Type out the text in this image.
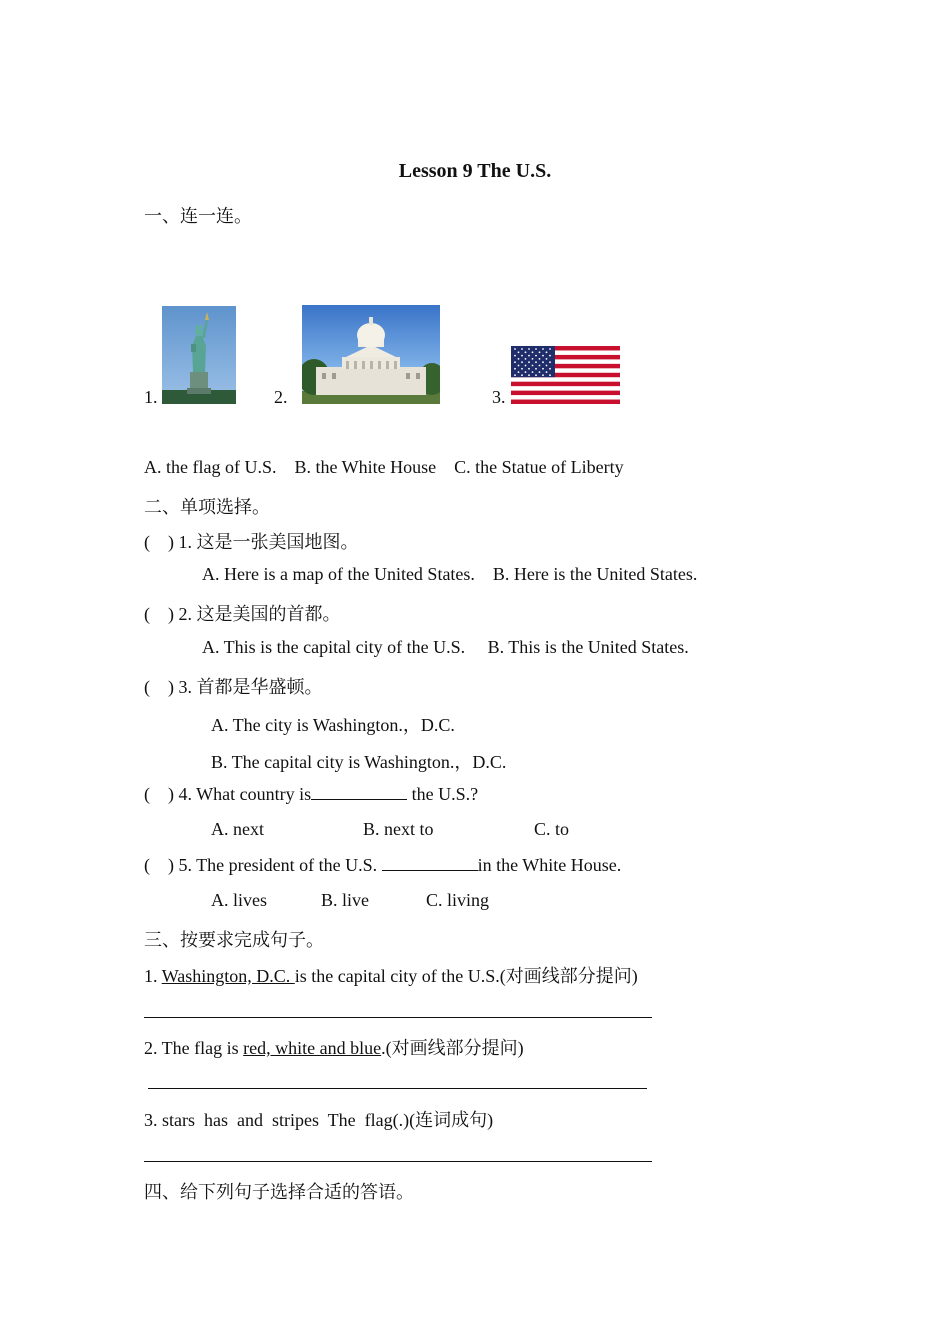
Lesson 9 The U.S.
一、连一连。
1.	2.	3.
A. the flag of U.S.    B. the White House    C. the Statue of Liberty
二、单项选择。
(    ) 1. 这是一张美国地图。
A. Here is a map of the United States.    B. Here is the United States.
(    ) 2. 这是美国的首都。
A. This is the capital city of the U.S.     B. This is the United States.
(    ) 3. 首都是华盛顿。
A. The city is Washington.，D.C.
B. The capital city is Washington.，D.C.
(    ) 4. What country is	the U.S.?
A. next	B. next to	C. to
(    ) 5. The president of the U.S.	in the White House.
A. lives	B. live	C. living
三、按要求完成句子。
1. Washington, D.C. is the capital city of the U.S.(对画线部分提问)
2. The flag is red, white and blue.(对画线部分提问)
3. stars  has  and  stripes  The  flag(.)(连词成句)
四、给下列句子选择合适的答语。
